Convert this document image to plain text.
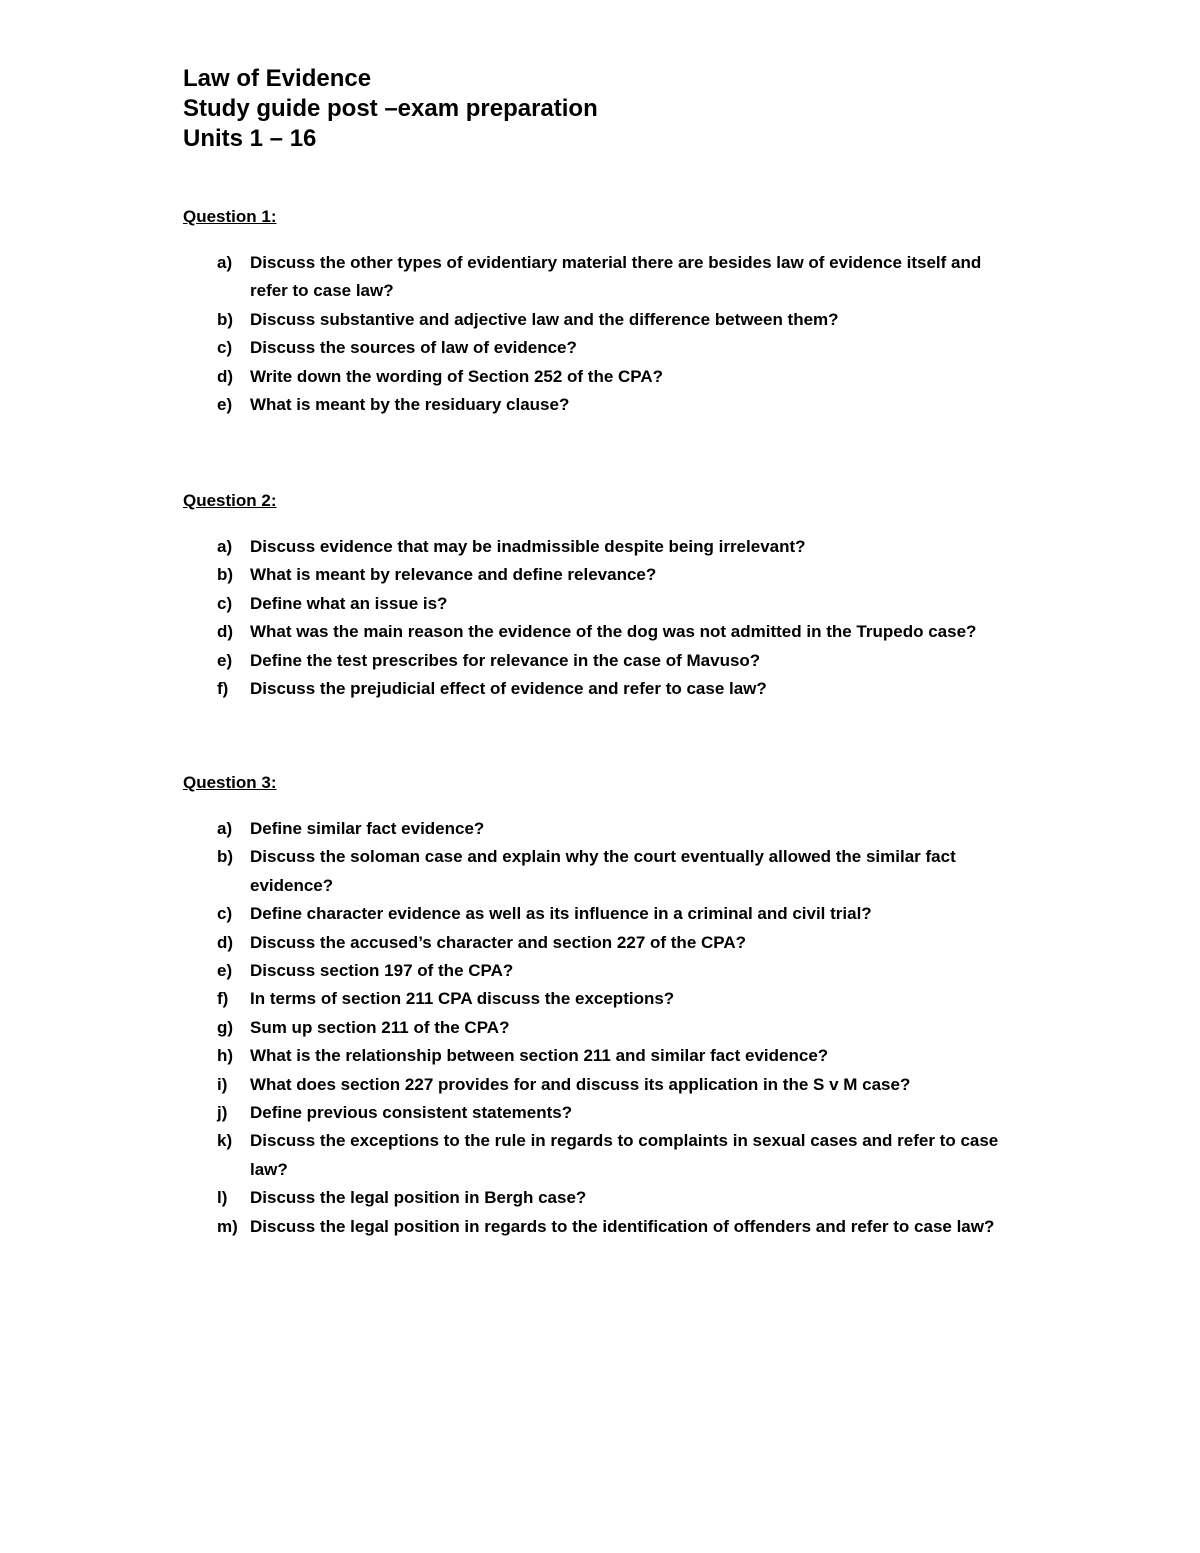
Law of Evidence
Study guide post –exam preparation
Units 1 – 16
Question 1:
a) Discuss the other types of evidentiary material there are besides law of evidence itself and refer to case law?
b) Discuss substantive and adjective law and the difference between them?
c) Discuss the sources of law of evidence?
d) Write down the wording of Section 252 of the CPA?
e) What is meant by the residuary clause?
Question 2:
a) Discuss evidence that may be inadmissible despite being irrelevant?
b) What is meant by relevance and define relevance?
c) Define what an issue is?
d) What was the main reason the evidence of the dog was not admitted in the Trupedo case?
e) Define the test prescribes for relevance in the case of Mavuso?
f) Discuss the prejudicial effect of evidence and refer to case law?
Question 3:
a) Define similar fact evidence?
b) Discuss the soloman case and explain why the court eventually allowed the similar fact evidence?
c) Define character evidence as well as its influence in a criminal and civil trial?
d) Discuss the accused’s character and section 227 of the CPA?
e) Discuss section 197 of the CPA?
f) In terms of section 211 CPA discuss the exceptions?
g) Sum up section 211 of the CPA?
h) What is the relationship between section 211 and similar fact evidence?
i) What does section 227 provides for and discuss its application in the S v M case?
j) Define previous consistent statements?
k) Discuss the exceptions to the rule in regards to complaints in sexual cases and refer to case law?
l) Discuss the legal position in Bergh case?
m) Discuss the legal position in regards to the identification of offenders and refer to case law?
